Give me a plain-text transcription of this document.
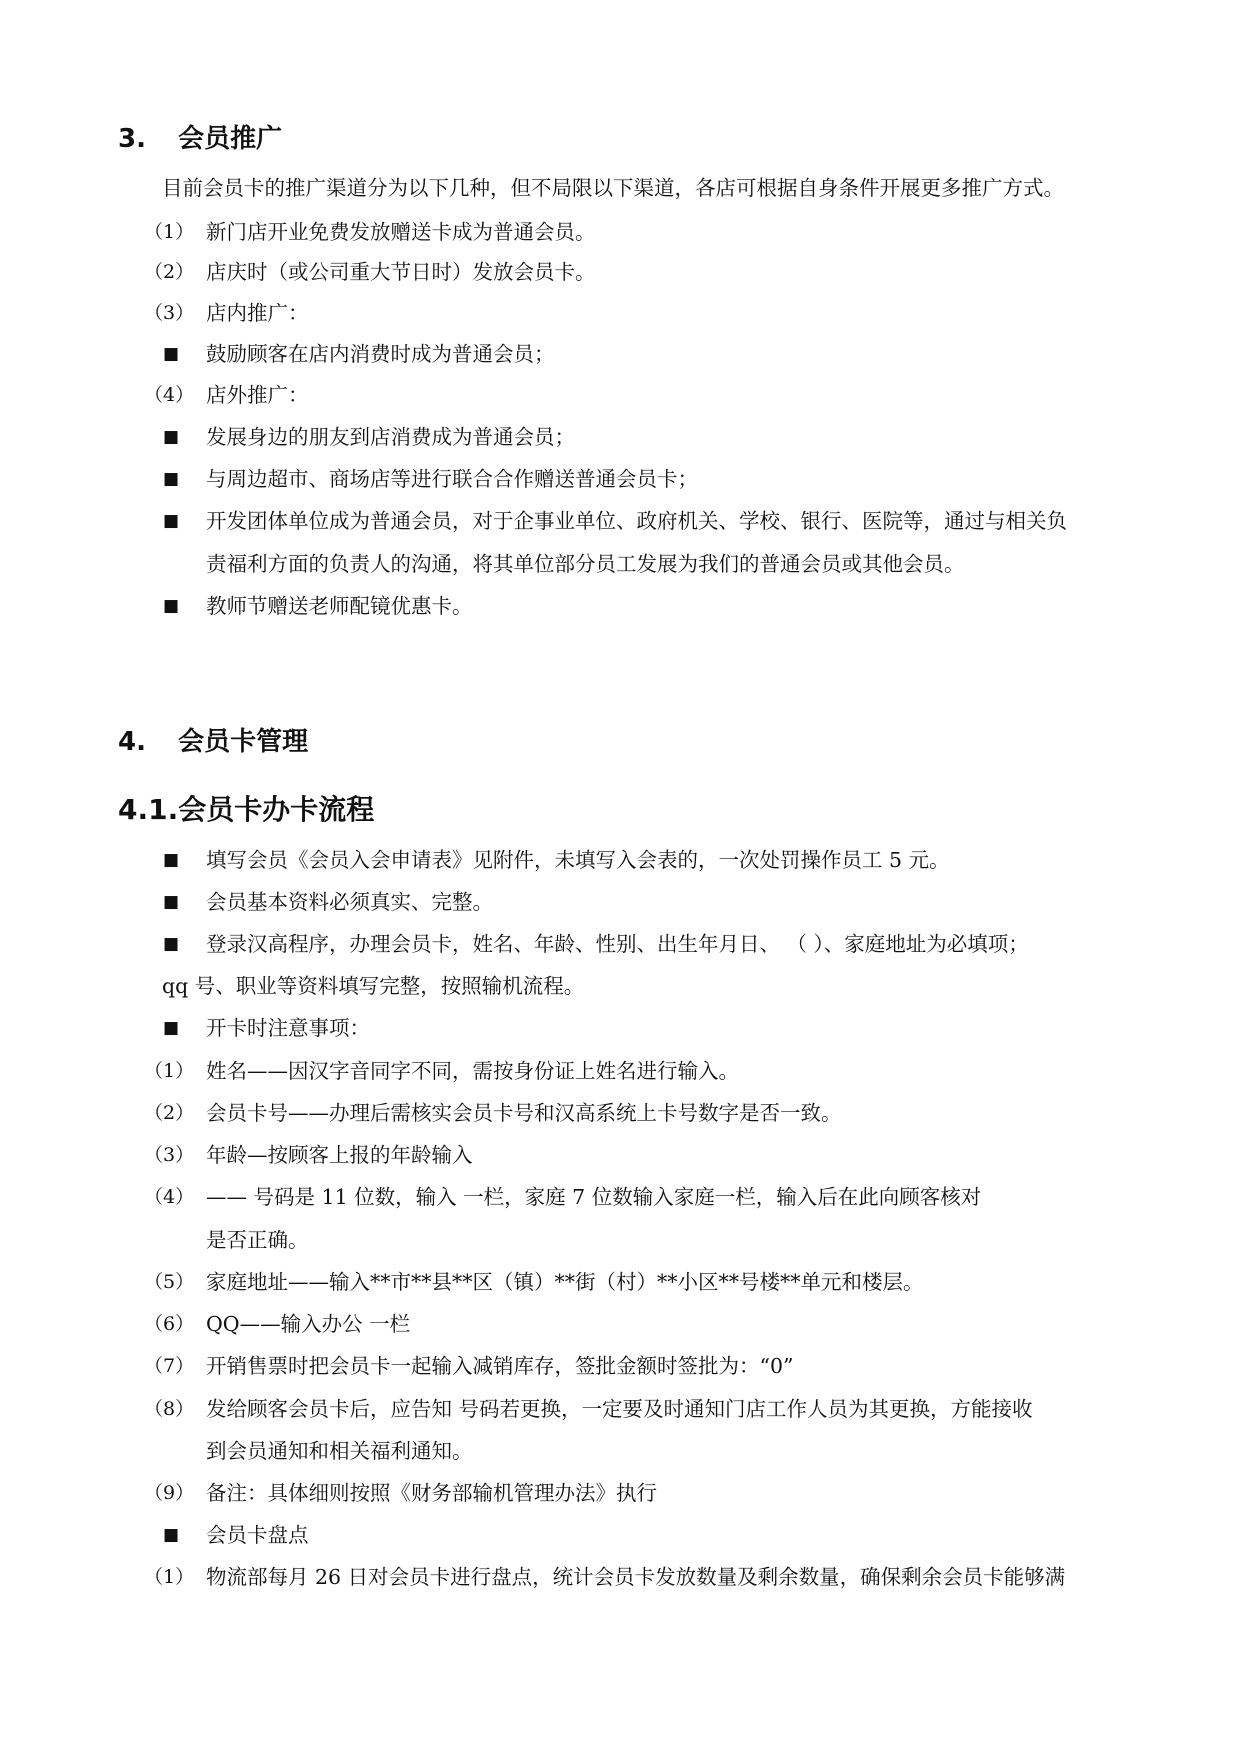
3. 会员推广
目前会员卡的推广渠道分为以下几种，但不局限以下渠道，各店可根据自身条件开展更多推广方式。
（1） 新门店开业免费发放赠送卡成为普通会员。
（2） 店庆时（或公司重大节日时）发放会员卡。
（3） 店内推广：
■ 鼓励顾客在店内消费时成为普通会员；
（4） 店外推广：
■ 发展身边的朋友到店消费成为普通会员；
■ 与周边超市、商场店等进行联合合作赠送普通会员卡；
■ 开发团体单位成为普通会员，对于企事业单位、政府机关、学校、银行、医院等，通过与相关负
责福利方面的负责人的沟通，将其单位部分员工发展为我们的普通会员或其他会员。
■ 教师节赠送老师配镜优惠卡。
4. 会员卡管理
4.1.会员卡办卡流程
■ 填写会员《会员入会申请表》见附件，未填写入会表的，一次处罚操作员工 5 元。
■ 会员基本资料必须真实、完整。
■ 登录汉高程序，办理会员卡，姓名、年龄、性别、出生年月日、 （ ）、家庭地址为必填项；
qq 号、职业等资料填写完整，按照输机流程。
■ 开卡时注意事项：
（1） 姓名——因汉字音同字不同，需按身份证上姓名进行输入。
（2） 会员卡号——办理后需核实会员卡号和汉高系统上卡号数字是否一致。
（3） 年龄—按顾客上报的年龄输入
（4） —— 号码是 11 位数，输入 一栏，家庭 7 位数输入家庭一栏，输入后在此向顾客核对
是否正确。
（5） 家庭地址——输入**市**县**区（镇）**街（村）**小区**号楼**单元和楼层。
（6） QQ——输入办公 一栏
（7） 开销售票时把会员卡一起输入减销库存，签批金额时签批为：“0”
（8） 发给顾客会员卡后，应告知 号码若更换，一定要及时通知门店工作人员为其更换，方能接收
到会员通知和相关福利通知。
（9） 备注：具体细则按照《财务部输机管理办法》执行
■ 会员卡盘点
（1） 物流部每月 26 日对会员卡进行盘点，统计会员卡发放数量及剩余数量，确保剩余会员卡能够满
